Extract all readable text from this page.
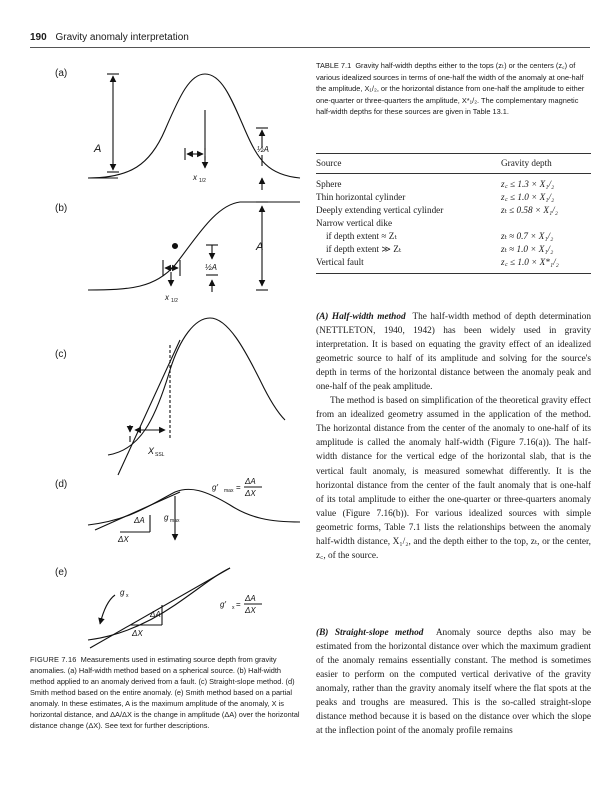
190 Gravity anomaly interpretation
(a)
(b)
(c)
(d)
(e)
A
x 1/2
½A
A
½A
x 1/2
X SSL
ΔA
ΔX
g max
g′ max =
ΔA
ΔX
ΔA
ΔX
g x
g′ x =
ΔA
ΔX
FIGURE 7.16 Measurements used in estimating source depth from gravity anomalies. (a) Half-width method based on a spherical source. (b) Half-width method applied to an anomaly derived from a fault. (c) Straight-slope method. (d) Smith method based on the entire anomaly. (e) Smith method based on a partial anomaly. In these estimates, A is the maximum amplitude of the anomaly, X is horizontal distance, and ΔA/ΔX is the change in amplitude (ΔA) over the horizontal distance change (ΔX). See text for further descriptions.
TABLE 7.1 Gravity half-width depths either to the tops (zₜ) or the centers (z꜀) of various idealized sources in terms of one-half the width of the anomaly at one-half the amplitude, X₁/₂, or the horizontal distance from one-half the amplitude to either one-quarter or three-quarters the amplitude, X*₁/₂. The complementary magnetic half-width depths for these sources are given in Table 13.1.
Source	Gravity depth
Sphere	z꜀ ≤ 1.3 × X₁/₂
Thin horizontal cylinder	z꜀ ≤ 1.0 × X₁/₂
Deeply extending vertical cylinder	zₜ ≤ 0.58 × X₁/₂
Narrow vertical dike
if depth extent ≈ Zₜ	zₜ ≈ 0.7 × X₁/₂
if depth extent ≫ Zₜ	zₜ ≈ 1.0 × X₁/₂
Vertical fault	z꜀ ≤ 1.0 × X*₁/₂

(A) Half-width method The half-width method of depth determination (NETTLETON, 1940, 1942) has been widely used in gravity interpretation. It is based on equating the gravity effect of an idealized geometric source to half of its amplitude and solving for the source's depth in terms of the horizontal distance between the anomaly peak and one-half of the peak amplitude.

The method is based on simplification of the theoretical gravity effect from an idealized geometry assumed in the application of the method. The horizontal distance from the center of the anomaly to one-half of its amplitude is called the anomaly half-width (Figure 7.16(a)). The half-width distance for the vertical edge of the horizontal slab, that is the vertical fault anomaly, is measured somewhat differently. It is the horizontal distance from the center of the fault anomaly that is one-half of its total amplitude to either the one-quarter or three-quarters anomaly value (Figure 7.16(b)). For various idealized sources with simple geometric forms, Table 7.1 lists the relationships between the anomaly half-width distance, X₁/₂, and the depth either to the top, zₜ, or the center, z꜀, of the source.

(B) Straight-slope method Anomaly source depths also may be estimated from the horizontal distance over which the maximum gradient of the anomaly remains essentially constant. The method is sometimes easier to perform on the computed vertical derivative of the gravity anomaly, rather than the gravity anomaly itself where the flat spots at the peaks and troughs are measured. This is the so-called straight-slope distance method because it is based on the distance over which the slope at the inflection point of the anomaly profile remains
